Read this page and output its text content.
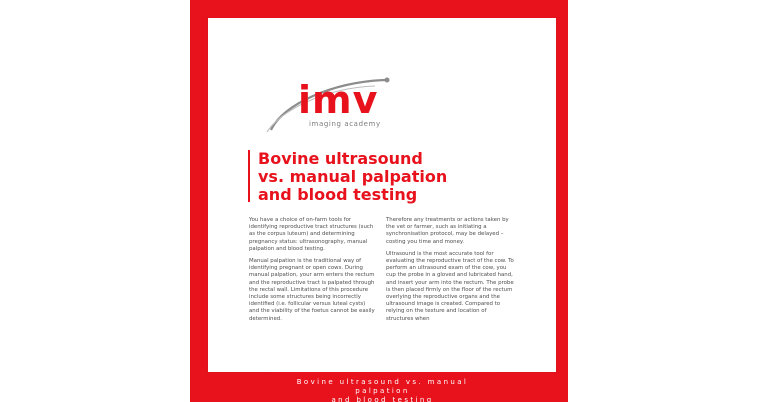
imv
imaging academy
Bovine ultrasound
vs. manual palpation
and blood testing

You have a choice of on-farm tools for identifying reproductive tract structures (such as the corpus luteum) and determining pregnancy status: ultrasonography, manual palpation and blood testing.

Manual palpation is the traditional way of identifying pregnant or open cows. During manual palpation, your arm enters the rectum and the reproductive tract is palpated through the rectal wall. Limitations of this procedure include some structures being incorrectly identified (i.e. follicular versus luteal cysts) and the viability of the foetus cannot be easily determined.

Therefore any treatments or actions taken by the vet or farmer, such as initiating a synchronisation protocol, may be delayed – costing you time and money.

Ultrasound is the most accurate tool for evaluating the reproductive tract of the cow. To perform an ultrasound exam of the cow, you cup the probe in a gloved and lubricated hand, and insert your arm into the rectum. The probe is then placed firmly on the floor of the rectum overlying the reproductive organs and the ultrasound image is created. Compared to relying on the texture and location of structures when

Bovine ultrasound vs. manual palpation
and blood testing
